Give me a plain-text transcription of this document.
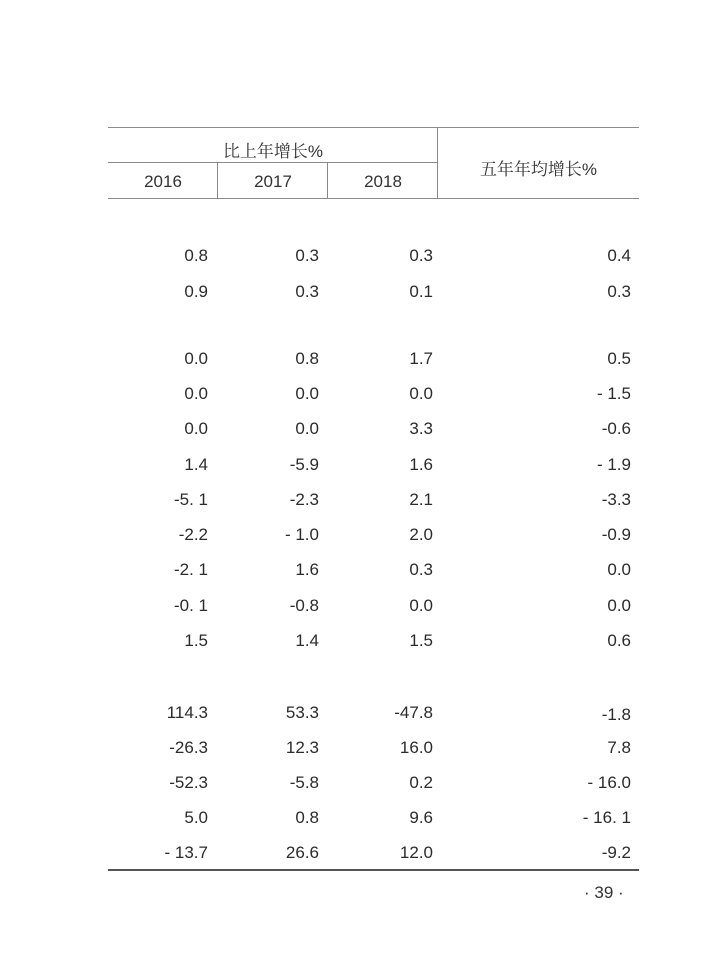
比上年增长%
2016	2017	2018
五年年均增长%
0.8	0.3	0.3	0.4
0.9	0.3	0.1	0.3
0.0	0.8	1.7	0.5
0.0	0.0	0.0	- 1.5
0.0	0.0	3.3	-0.6
1.4	-5.9	1.6	- 1.9
-5. 1	-2.3	2.1	-3.3
-2.2	- 1.0	2.0	-0.9
-2. 1	1.6	0.3	0.0
-0. 1	-0.8	0.0	0.0
1.5	1.4	1.5	0.6
114.3	53.3	-47.8	-1.8
-26.3	12.3	16.0	7.8
-52.3	-5.8	0.2	- 16.0
5.0	0.8	9.6	- 16. 1
- 13.7	26.6	12.0	-9.2
· 39 ·
